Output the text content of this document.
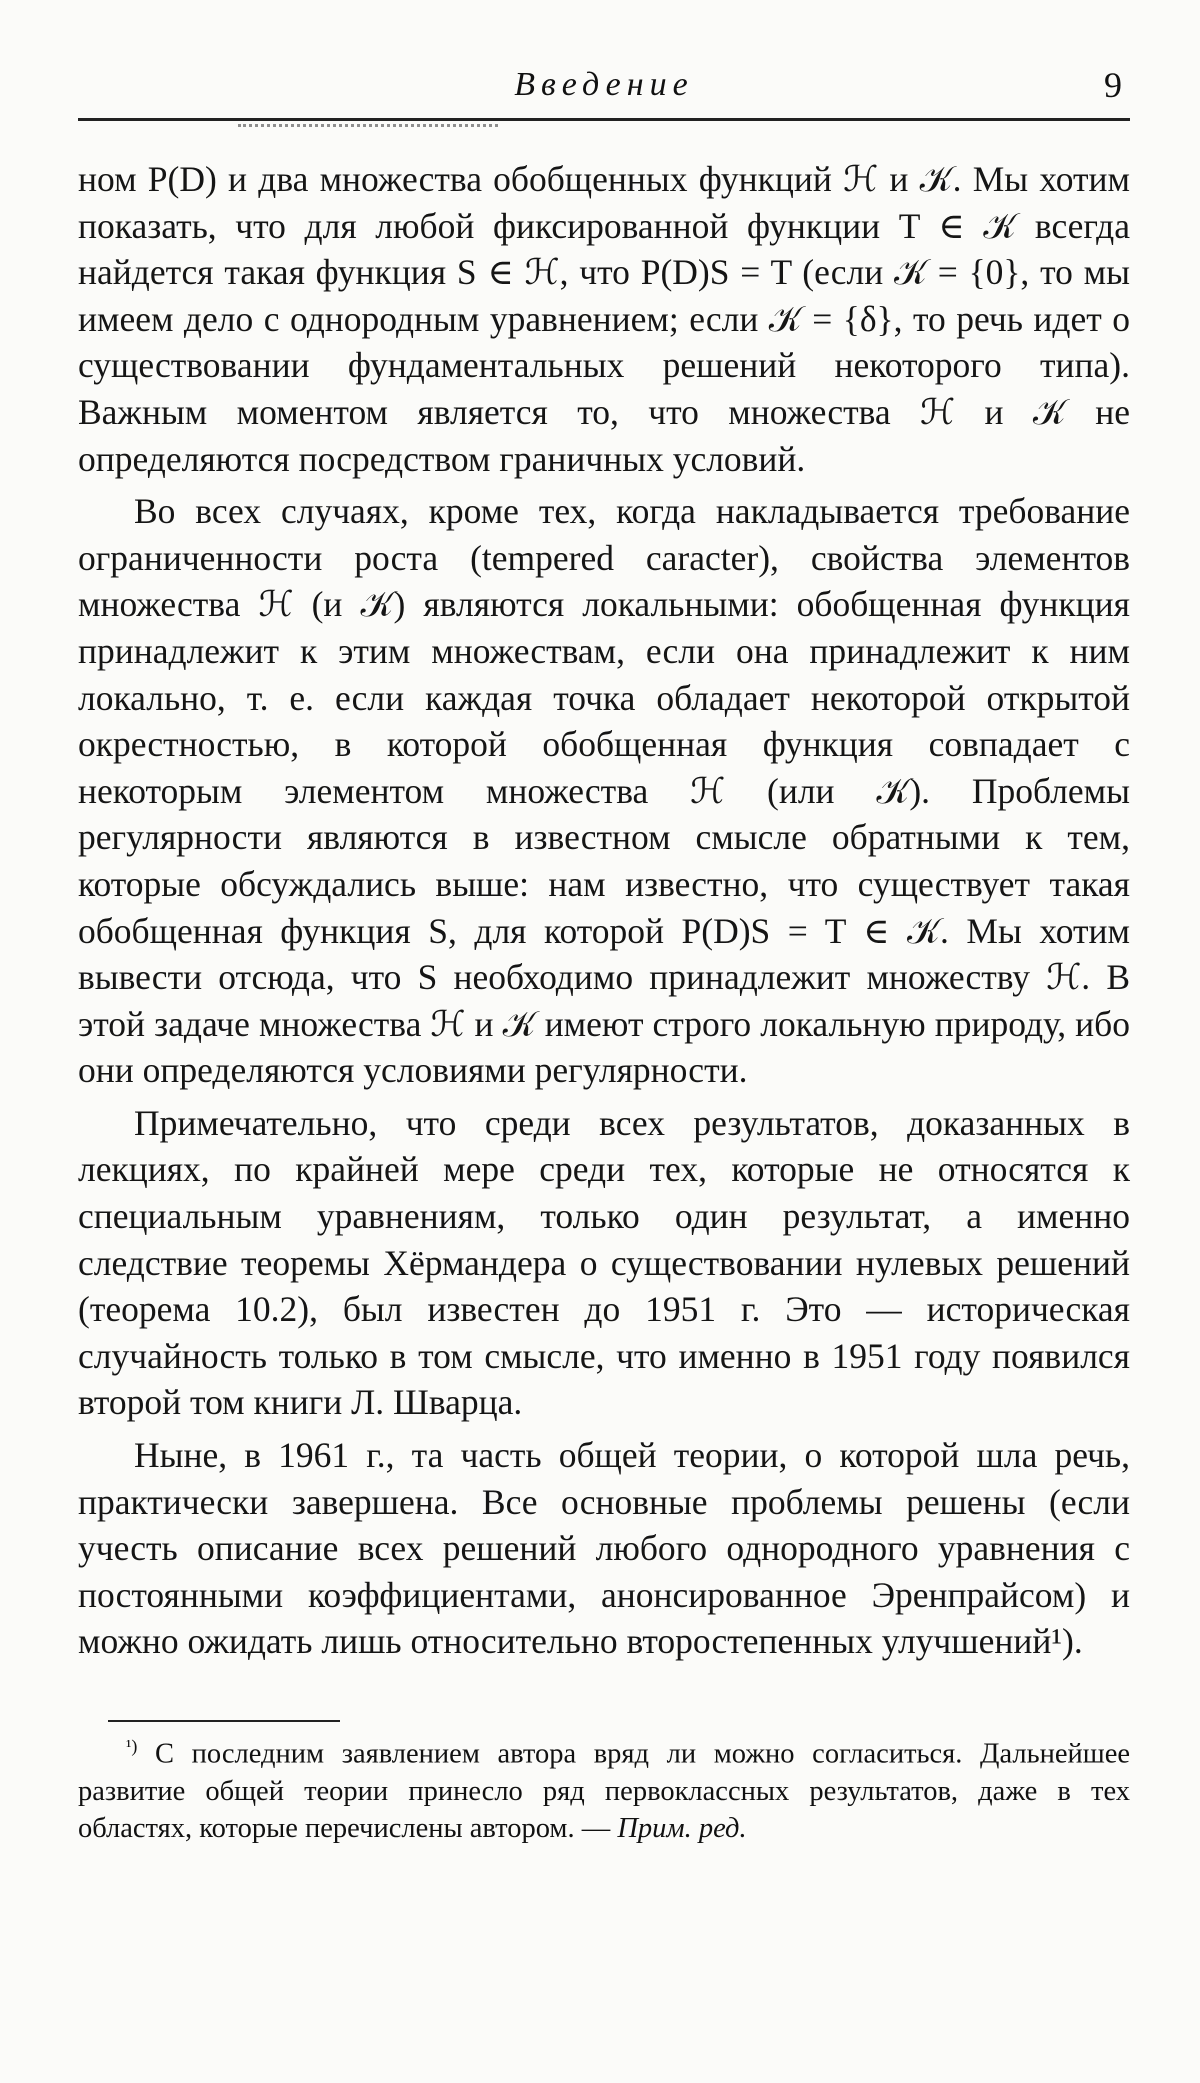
Введение	9

ном P(D) и два множества обобщенных функций ℋ и 𝒦. Мы хотим показать, что для любой фиксированной функции T ∈ 𝒦 всегда найдется такая функция S ∈ ℋ, что P(D)S = T (если 𝒦 = {0}, то мы имеем дело с однородным уравнением; если 𝒦 = {δ}, то речь идет о существовании фундаментальных решений некоторого типа). Важным моментом является то, что множества ℋ и 𝒦 не определяются посредством граничных условий.

Во всех случаях, кроме тех, когда накладывается требование ограниченности роста (tempered caracter), свойства элементов множества ℋ (и 𝒦) являются локальными: обобщенная функция принадлежит к этим множествам, если она принадлежит к ним локально, т. е. если каждая точка обладает некоторой открытой окрестностью, в которой обобщенная функция совпадает с некоторым элементом множества ℋ (или 𝒦). Проблемы регулярности являются в известном смысле обратными к тем, которые обсуждались выше: нам известно, что существует такая обобщенная функция S, для которой P(D)S = T ∈ 𝒦. Мы хотим вывести отсюда, что S необходимо принадлежит множеству ℋ. В этой задаче множества ℋ и 𝒦 имеют строго локальную природу, ибо они определяются условиями регулярности.

Примечательно, что среди всех результатов, доказанных в лекциях, по крайней мере среди тех, которые не относятся к специальным уравнениям, только один результат, а именно следствие теоремы Хёрмандера о существовании нулевых решений (теорема 10.2), был известен до 1951 г. Это — историческая случайность только в том смысле, что именно в 1951 году появился второй том книги Л. Шварца.

Ныне, в 1961 г., та часть общей теории, о которой шла речь, практически завершена. Все основные проблемы решены (если учесть описание всех решений любого однородного уравнения с постоянными коэффициентами, анонсированное Эренпрайсом) и можно ожидать лишь относительно второстепенных улучшений¹).

$^{^1)}$ С последним заявлением автора вряд ли можно согласиться. Дальнейшее развитие общей теории принесло ряд первоклассных результатов, даже в тех областях, которые перечислены автором. — Прим. ред.
